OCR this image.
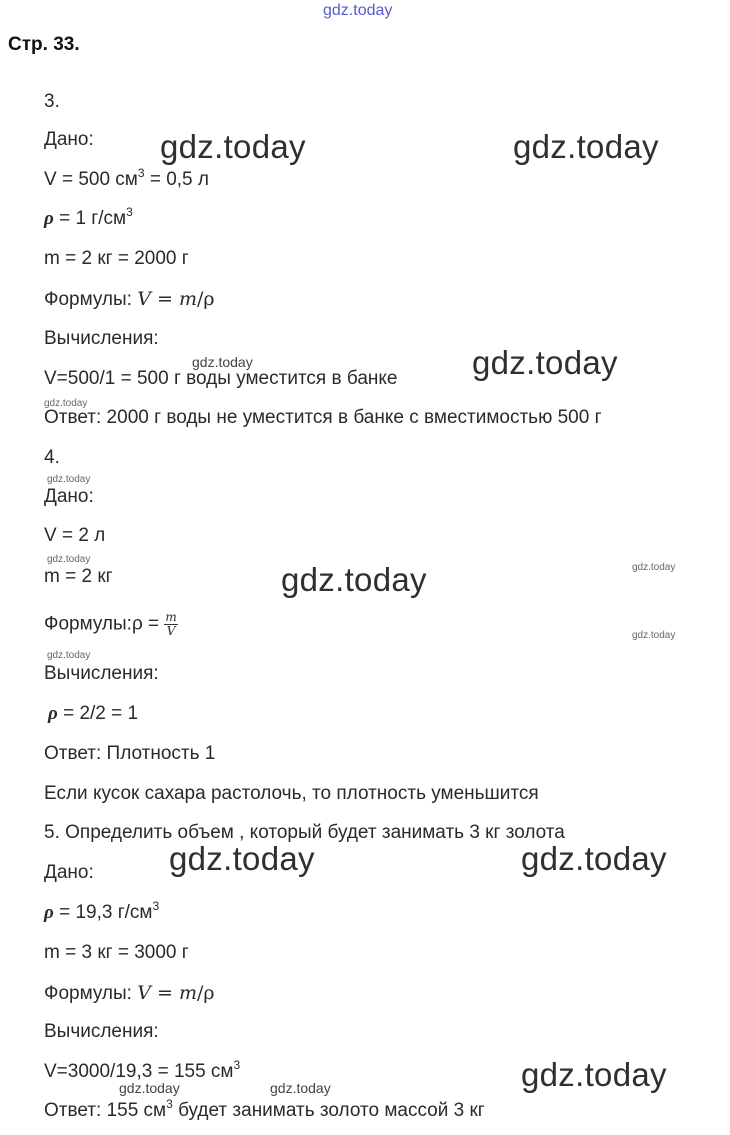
gdz.today
Стр. 33.
gdz.today	gdz.today
gdz.today
gdz.today
gdz.today	gdz.today
gdz.today
gdz.today
gdz.today	gdz.today
gdz.today
gdz.today
gdz.today
gdz.today
gdz.today
gdz.today
3.
Дано:
V = 500 $см^3 = 0,5$ л
ρ = 1 $г/см^3$
m = 2 кг = 2000 г
Формулы: V = m/ρ
Вычисления:
V=500/1 = 500 г воды уместится в банке
Ответ: 2000 г воды не уместится в банке с вместимостью 500 г
4.
Дано:
V = 2 л
m = 2 кг
Формулы:ρ = $\frac{m}{V}$
Вычисления:
ρ = 2/2 = 1
Ответ: Плотность 1
Если кусок сахара растолочь, то плотность уменьшится
5. Определить объем , который будет занимать 3 кг золота
Дано:
ρ = 19,3 $г/см^3$
m = 3 кг = 3000 г
Формулы: V = m/ρ
Вычисления:
V=3000/19,3 = 155 $см^3$
Ответ: 155 $см^3$ будет занимать золото массой 3 кг
